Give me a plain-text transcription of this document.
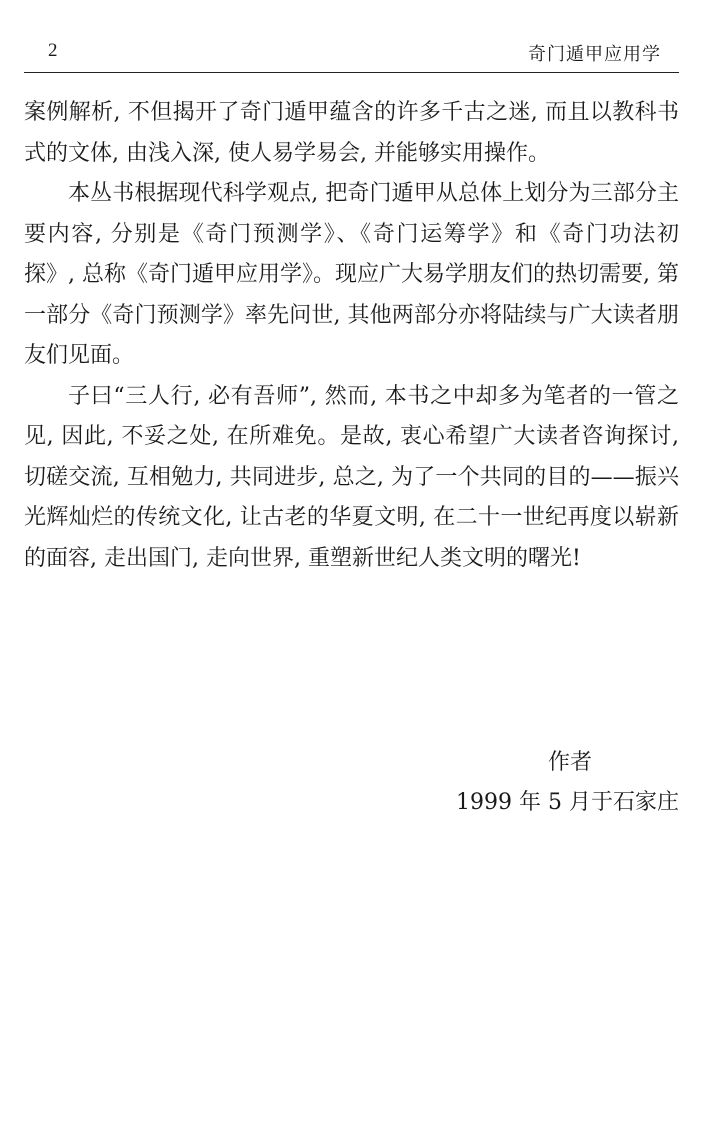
2	奇门遁甲应用学

案例解析, 不但揭开了奇门遁甲蕴含的许多千古之迷, 而且以教科书式的文体, 由浅入深, 使人易学易会, 并能够实用操作。

本丛书根据现代科学观点, 把奇门遁甲从总体上划分为三部分主要内容, 分别是《奇门预测学》、《奇门运筹学》和《奇门功法初探》, 总称《奇门遁甲应用学》。现应广大易学朋友们的热切需要, 第一部分《奇门预测学》率先问世, 其他两部分亦将陆续与广大读者朋友们见面。

子曰“三人行, 必有吾师”, 然而, 本书之中却多为笔者的一管之见, 因此, 不妥之处, 在所难免。是故, 衷心希望广大读者咨询探讨, 切磋交流, 互相勉力, 共同进步, 总之, 为了一个共同的目的——振兴光辉灿烂的传统文化, 让古老的华夏文明, 在二十一世纪再度以崭新的面容, 走出国门, 走向世界, 重塑新世纪人类文明的曙光!

作者
1999 年 5 月于石家庄
